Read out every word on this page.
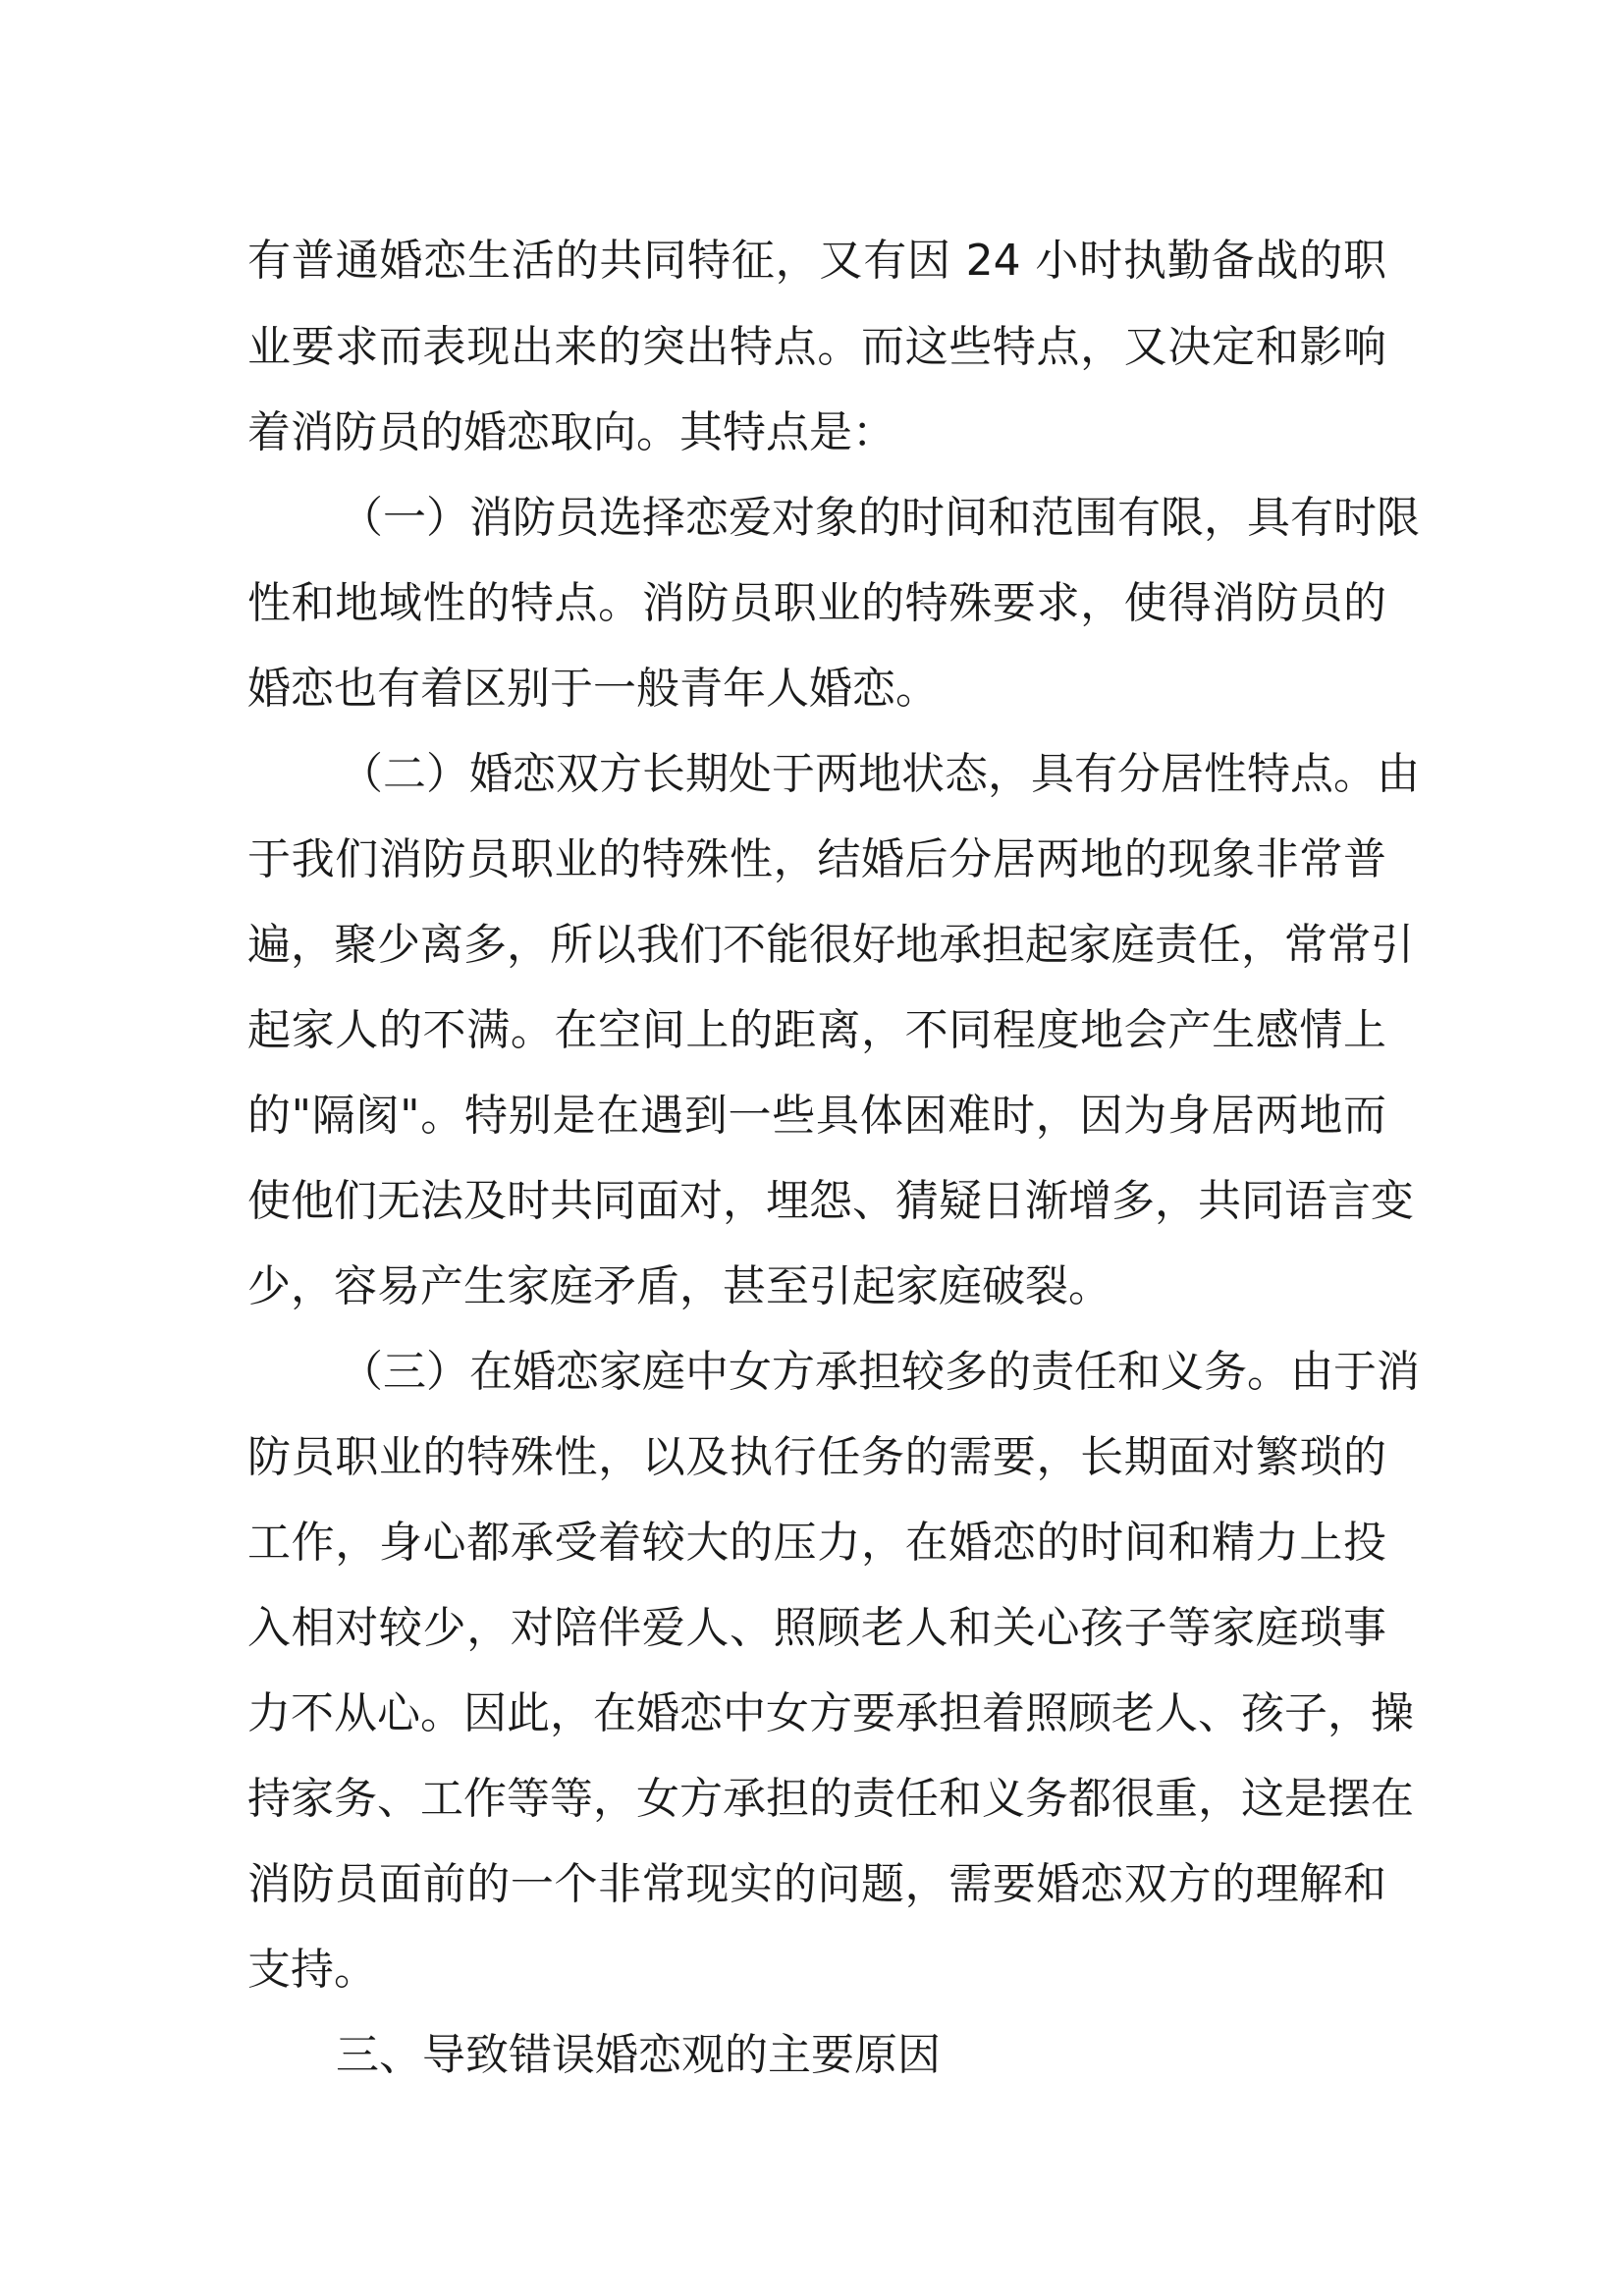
有普通婚恋生活的共同特征，又有因 24 小时执勤备战的职
业要求而表现出来的突出特点。而这些特点，又决定和影响
着消防员的婚恋取向。其特点是：
（一）消防员选择恋爱对象的时间和范围有限，具有时限
性和地域性的特点。消防员职业的特殊要求，使得消防员的
婚恋也有着区别于一般青年人婚恋。
（二）婚恋双方长期处于两地状态，具有分居性特点。由
于我们消防员职业的特殊性，结婚后分居两地的现象非常普
遍，聚少离多，所以我们不能很好地承担起家庭责任，常常引
起家人的不满。在空间上的距离，不同程度地会产生感情上
的"隔阂"。特别是在遇到一些具体困难时，因为身居两地而
使他们无法及时共同面对，埋怨、猜疑日渐增多，共同语言变
少，容易产生家庭矛盾，甚至引起家庭破裂。
（三）在婚恋家庭中女方承担较多的责任和义务。由于消
防员职业的特殊性，以及执行任务的需要，长期面对繁琐的
工作，身心都承受着较大的压力，在婚恋的时间和精力上投
入相对较少，对陪伴爱人、照顾老人和关心孩子等家庭琐事
力不从心。因此，在婚恋中女方要承担着照顾老人、孩子，操
持家务、工作等等，女方承担的责任和义务都很重，这是摆在
消防员面前的一个非常现实的问题，需要婚恋双方的理解和
支持。
三、导致错误婚恋观的主要原因
